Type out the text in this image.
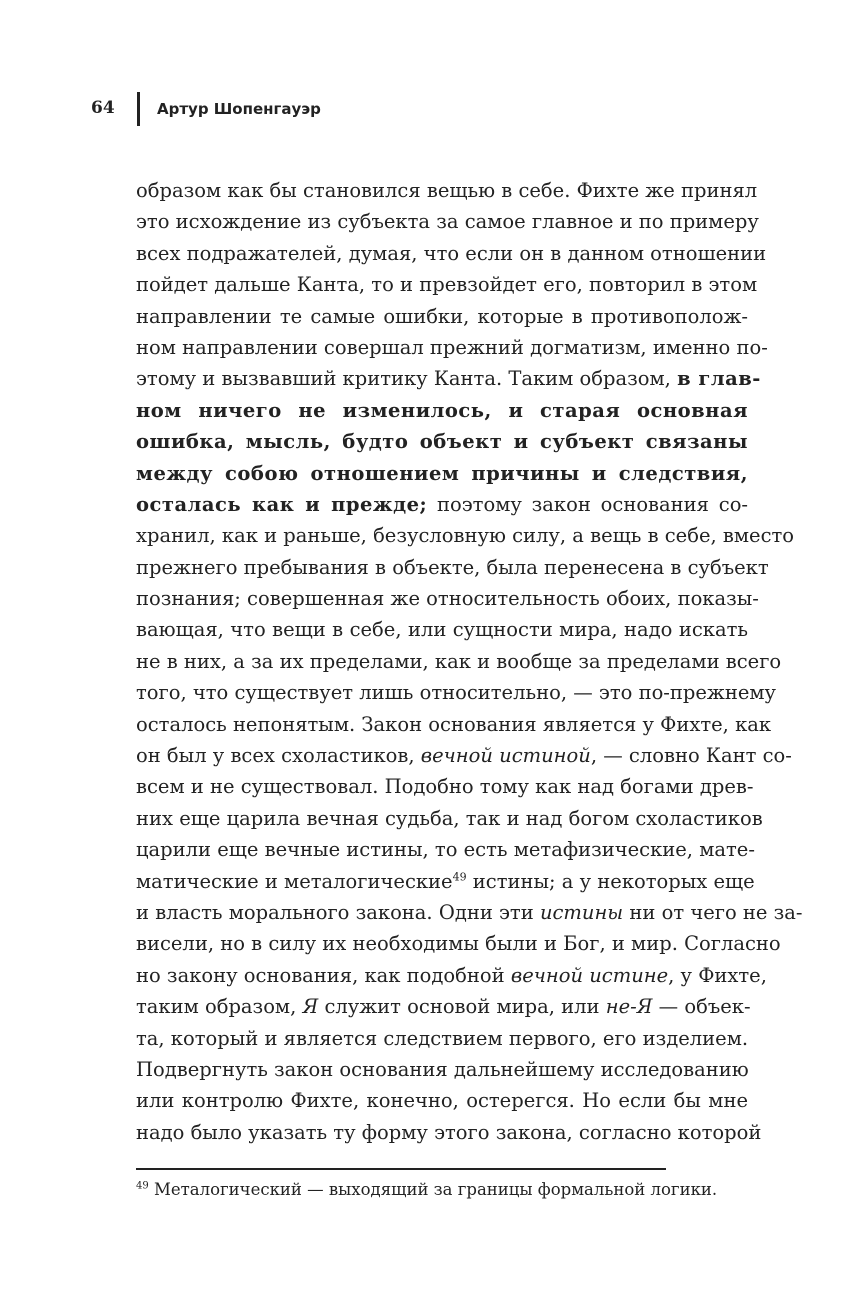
64	Артур Шопенгауэр
образом как бы становился вещью в себе. Фихте же принял
это исхождение из субъекта за самое главное и по примеру
всех подражателей, думая, что если он в данном отношении
пойдет дальше Канта, то и превзойдет его, повторил в этом
направлении те самые ошибки, которые в противополож-
ном направлении совершал прежний догматизм, именно по-
этому и вызвавший критику Канта. Таким образом, в глав-
ном ничего не изменилось, и старая основная
ошибка, мысль, будто объект и субъект связаны
между собою отношением причины и следствия,
осталась как и прежде; поэтому закон основания со-
хранил, как и раньше, безусловную силу, а вещь в себе, вместо
прежнего пребывания в объекте, была перенесена в субъект
познания; совершенная же относительность обоих, показы-
вающая, что вещи в себе, или сущности мира, надо искать
не в них, а за их пределами, как и вообще за пределами всего
того, что существует лишь относительно, — это по-прежнему
осталось непонятым. Закон основания является у Фихте, как
он был у всех схоластиков, вечной истиной, — словно Кант со-
всем и не существовал. Подобно тому как над богами древ-
них еще царила вечная судьба, так и над богом схоластиков
царили еще вечные истины, то есть метафизические, мате-
матические и металогические$^{49}$ истины; а у некоторых еще
и власть морального закона. Одни эти истины ни от чего не за-
висели, но в силу их необходимы были и Бог, и мир. Согласно
но закону основания, как подобной вечной истине, у Фихте,
таким образом, Я служит основой мира, или не-Я — объек-
та, который и является следствием первого, его изделием.
Подвергнуть закон основания дальнейшему исследованию
или контролю Фихте, конечно, остерегся. Но если бы мне
надо было указать ту форму этого закона, согласно которой
$^{49}$ Металогический — выходящий за границы формальной логики.
